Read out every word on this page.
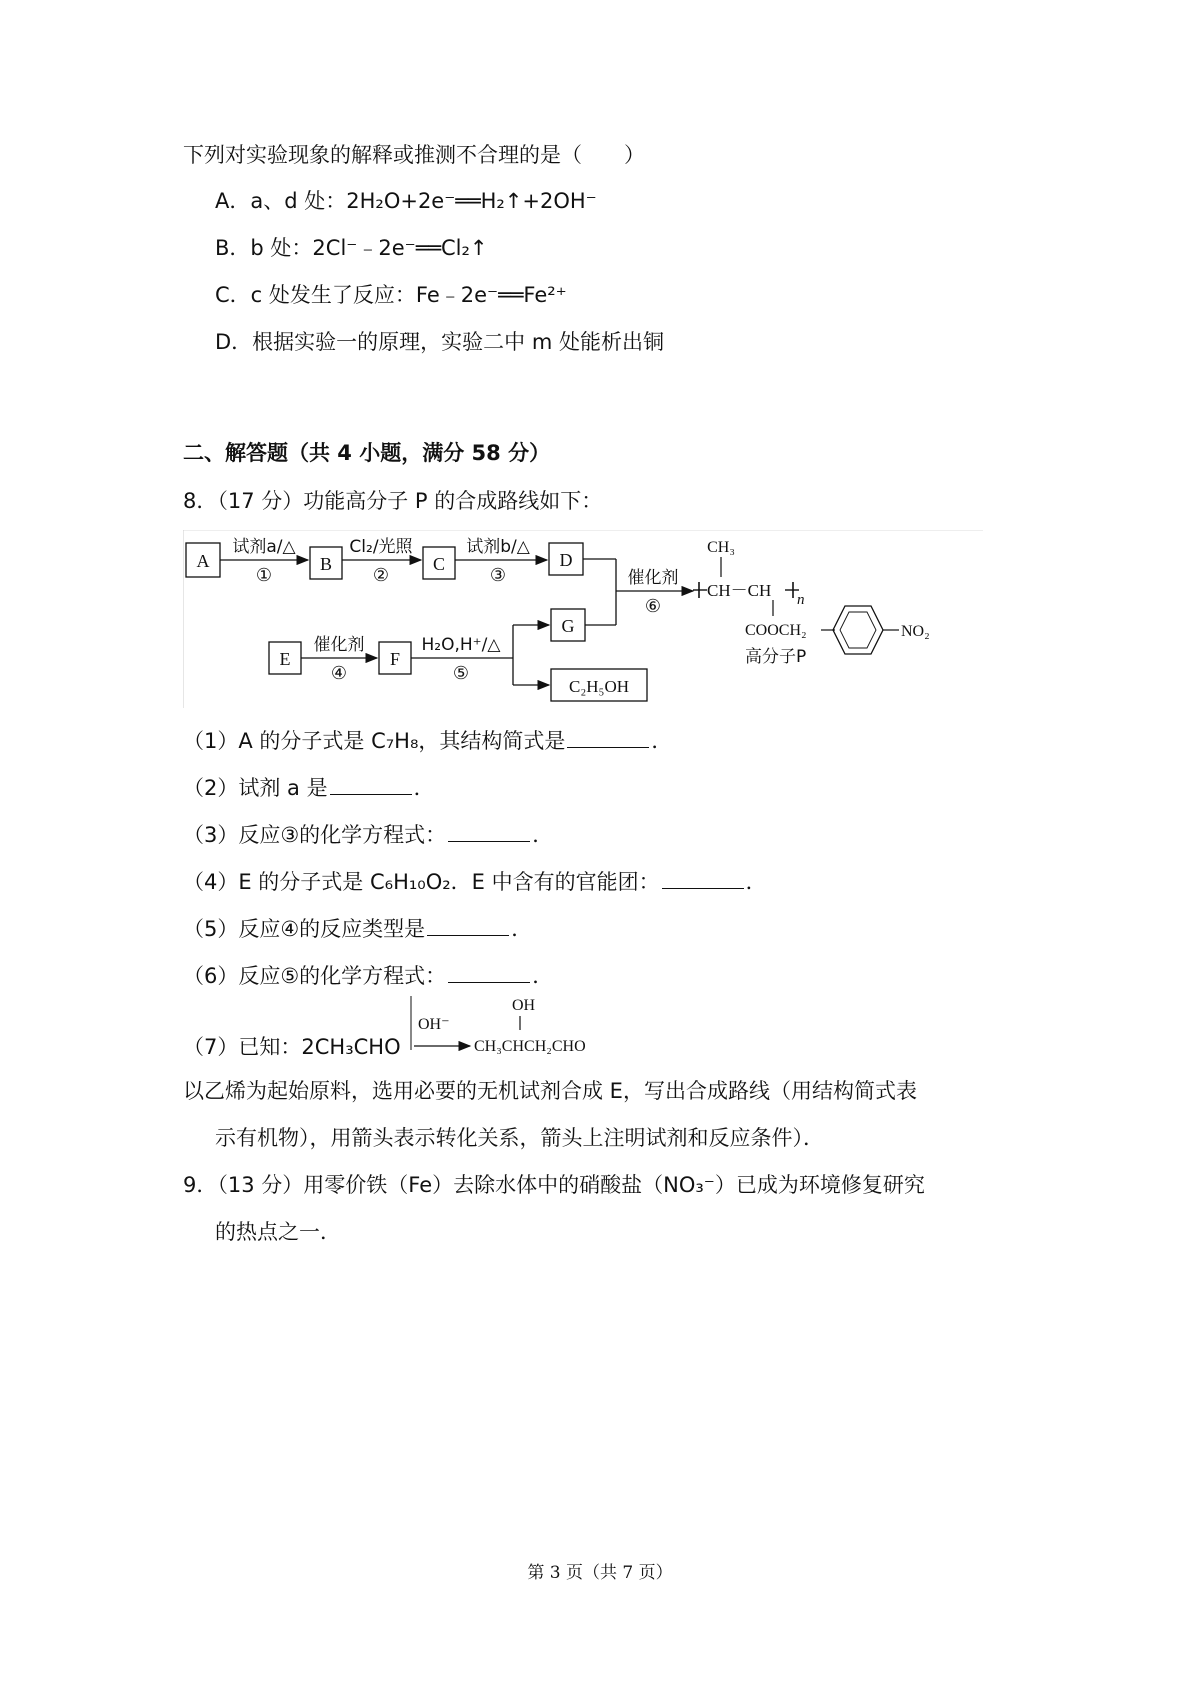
下列对实验现象的解释或推测不合理的是（　　）
A．a、d 处：2H₂O+2e⁻══H₂↑+2OH⁻
B．b 处：2Cl⁻﹣2e⁻══Cl₂↑
C．c 处发生了反应：Fe﹣2e⁻══Fe²⁺
D．根据实验一的原理，实验二中 m 处能析出铜
二、解答题（共 4 小题，满分 58 分）
8．（17 分）功能高分子 P 的合成路线如下：
A	B	C	D
E	F
G
C₂H₅OH
试剂a/△
①
Cl₂/光照
②
试剂b/△
③
催化剂
④
H₂O,H⁺/△
⑤
催化剂
⑥
CH₃
CH－CH n
COOCH₂	NO₂
高分子P
（1）A 的分子式是 C₇H₈，其结构简式是	．
（2）试剂 a 是	．
（3）反应③的化学方程式：	．
（4）E 的分子式是 C₆H₁₀O₂．E 中含有的官能团：	．
（5）反应④的反应类型是	．
（6）反应⑤的化学方程式：	．
（7）已知：2CH₃CHO
OH⁻
OH
CH₃CHCH₂CHO
以乙烯为起始原料，选用必要的无机试剂合成 E，写出合成路线（用结构简式表
示有机物），用箭头表示转化关系，箭头上注明试剂和反应条件）．
9．（13 分）用零价铁（Fe）去除水体中的硝酸盐（NO₃⁻）已成为环境修复研究
的热点之一．
第 3 页（共 7 页）
